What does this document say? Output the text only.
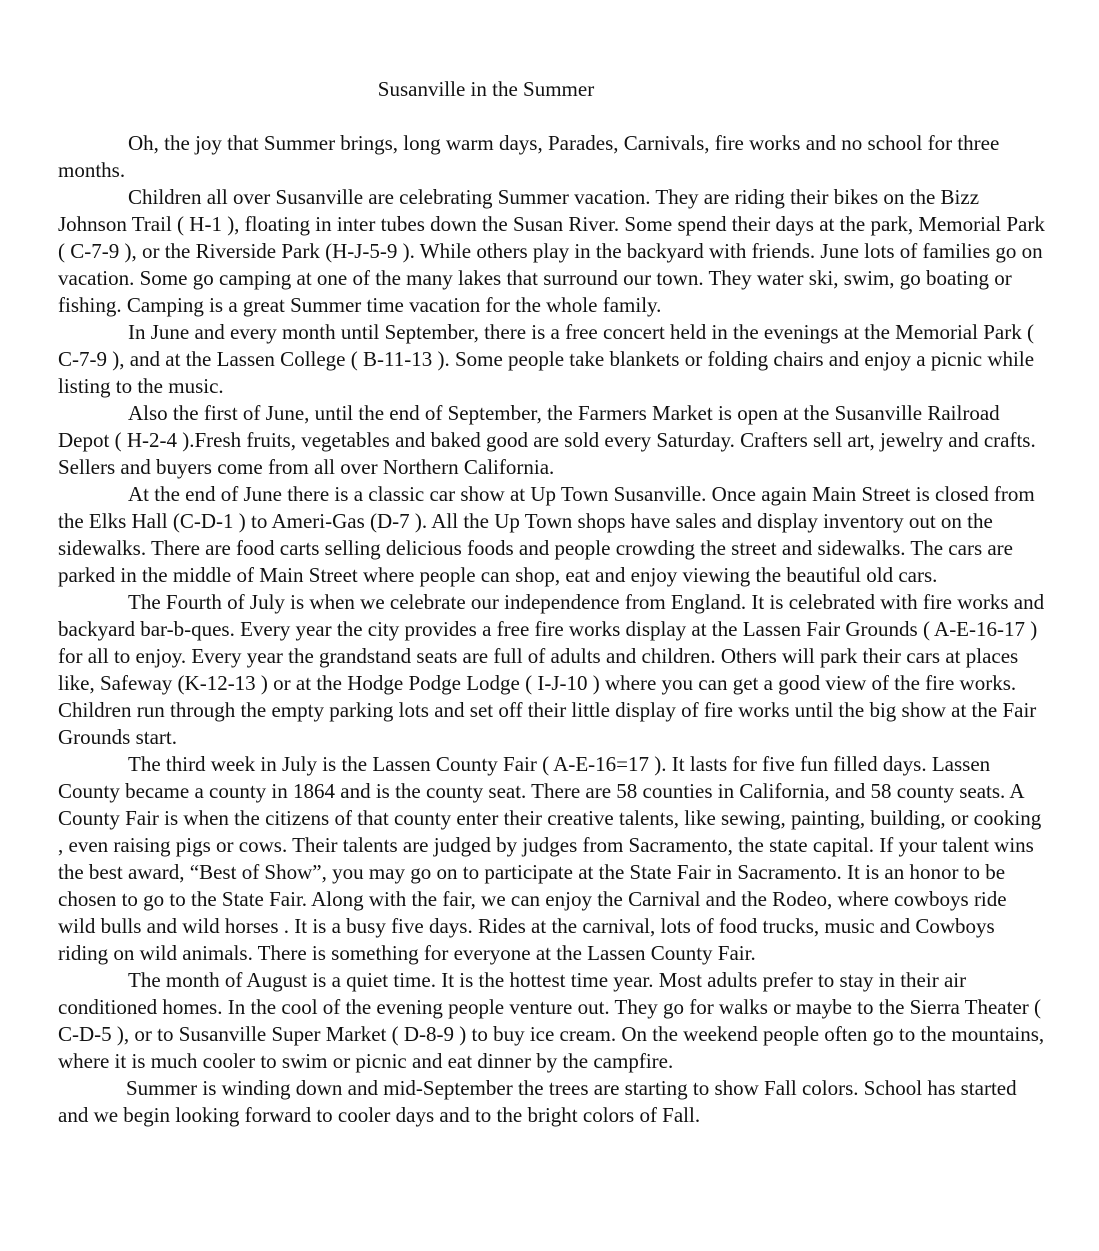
Susanville in the Summer

Oh, the joy that Summer brings, long warm days, Parades, Carnivals, fire works and no school for three months.

Children all over Susanville are celebrating Summer vacation. They are riding their bikes on the Bizz Johnson Trail ( H-1 ), floating in inter tubes down the Susan River. Some spend their days at the park, Memorial Park ( C-7-9 ), or the Riverside Park (H-J-5-9 ). While others play in the backyard with friends. June lots of families go on vacation. Some go camping at one of the many lakes that surround our town. They water ski, swim, go boating or fishing. Camping is a great Summer time vacation for the whole family.

In June and every month until September, there is a free concert held in the evenings at the Memorial Park ( C-7-9 ), and at the Lassen College ( B-11-13 ). Some people take blankets or folding chairs and enjoy a picnic while listing to the music.

Also the first of June, until the end of September, the Farmers Market is open at the Susanville Railroad Depot ( H-2-4 ).Fresh fruits, vegetables and baked good are sold every Saturday. Crafters sell art, jewelry and crafts. Sellers and buyers come from all over Northern California.

At the end of June there is a classic car show at Up Town Susanville. Once again Main Street is closed from the Elks Hall (C-D-1 ) to Ameri-Gas (D-7 ). All the Up Town shops have sales and display inventory out on the sidewalks. There are food carts selling delicious foods and people crowding the street and sidewalks. The cars are parked in the middle of Main Street where people can shop, eat and enjoy viewing the beautiful old cars.

The Fourth of July is when we celebrate our independence from England. It is celebrated with fire works and backyard bar-b-ques. Every year the city provides a free fire works display at the Lassen Fair Grounds ( A-E-16-17 ) for all to enjoy. Every year the grandstand seats are full of adults and children. Others will park their cars at places like, Safeway (K-12-13 ) or at the Hodge Podge Lodge ( I-J-10 ) where you can get a good view of the fire works. Children run through the empty parking lots and set off their little display of fire works until the big show at the Fair Grounds start.

The third week in July is the Lassen County Fair ( A-E-16=17 ). It lasts for five fun filled days. Lassen County became a county in 1864 and is the county seat. There are 58 counties in California, and 58 county seats. A County Fair is when the citizens of that county enter their creative talents, like sewing, painting, building, or cooking , even raising pigs or cows. Their talents are judged by judges from Sacramento, the state capital. If your talent wins the best award, “Best of Show”, you may go on to participate at the State Fair in Sacramento. It is an honor to be chosen to go to the State Fair. Along with the fair, we can enjoy the Carnival and the Rodeo, where cowboys ride wild bulls and wild horses . It is a busy five days. Rides at the carnival, lots of food trucks, music and Cowboys riding on wild animals. There is something for everyone at the Lassen County Fair.

The month of August is a quiet time. It is the hottest time year. Most adults prefer to stay in their air conditioned homes. In the cool of the evening people venture out. They go for walks or maybe to the Sierra Theater ( C-D-5 ), or to Susanville Super Market ( D-8-9 ) to buy ice cream. On the weekend people often go to the mountains, where it is much cooler to swim or picnic and eat dinner by the campfire.

Summer is winding down and mid-September the trees are starting to show Fall colors. School has started and we begin looking forward to cooler days and to the bright colors of Fall.
